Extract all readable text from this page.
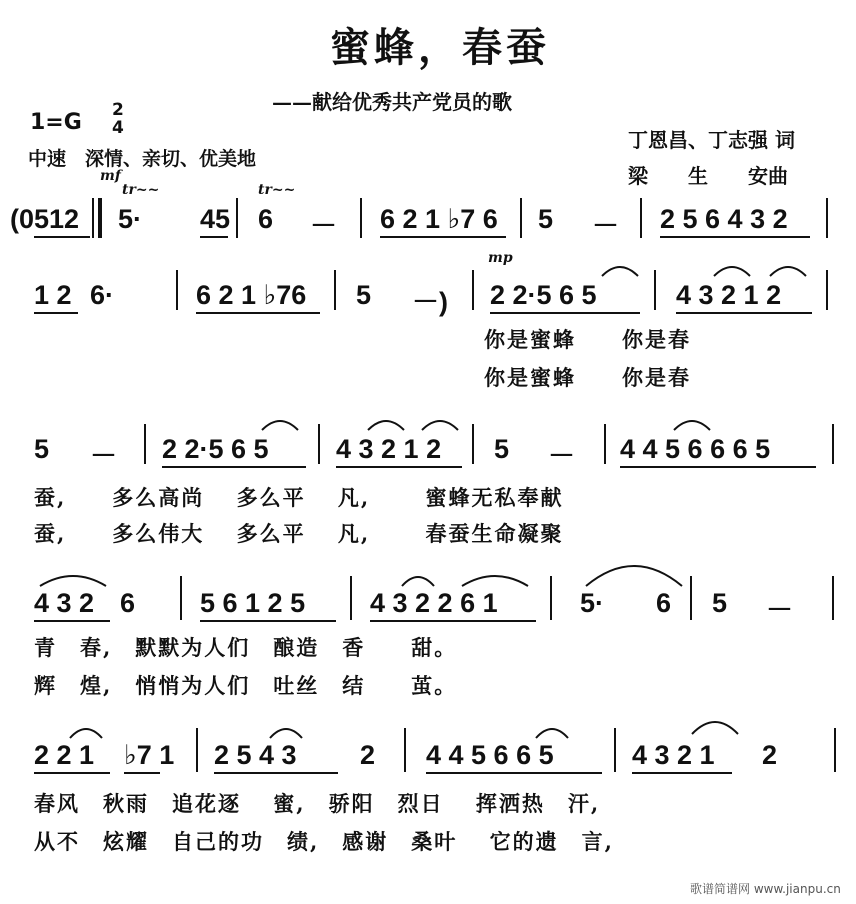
蜜蜂，春蚕
——献给优秀共产党员的歌
1=G 2
4
中速　深情、亲切、优美地
丁恩昌、丁志强 词
梁　　生　　安曲
mf
tr~~	tr~~
(0512 5· 45 6 － 6 2 1 ♭7 6 5 － 2 5 6 4 3 2
mp
1 2 6·	6 2 1 ♭76 5 －) 2 2·5 6 5	4 3 2 1 2
你是蜜蜂　　你是春
你是蜜蜂　　你是春
5 － 2 2·5 6 5 4 3 2 1 2 5 － 4 4 5 6 6 6 5
蚕,　　多么高尚　 多么平　 凡,　　 蜜蜂无私奉献
蚕,　　多么伟大　 多么平　 凡,　　 春蚕生命凝聚
4 3 2 6 5 6 1 2 5 4 3 2 2 6 1	5· 6 5 －
青　春,　默默为人们　酿造　香　　甜。
辉　煌,　悄悄为人们　吐丝　结　　茧。
2 2 1 ♭7 1 2 5 4 3 2 4 4 5 6 6 5	4 3 2 1 2
春风　秋雨　追花逐　 蜜,　骄阳　烈日　 挥洒热　汗,
从不　炫耀　自己的功　绩,　感谢　桑叶　 它的遗　言,
歌谱简谱网 www.jianpu.cn
